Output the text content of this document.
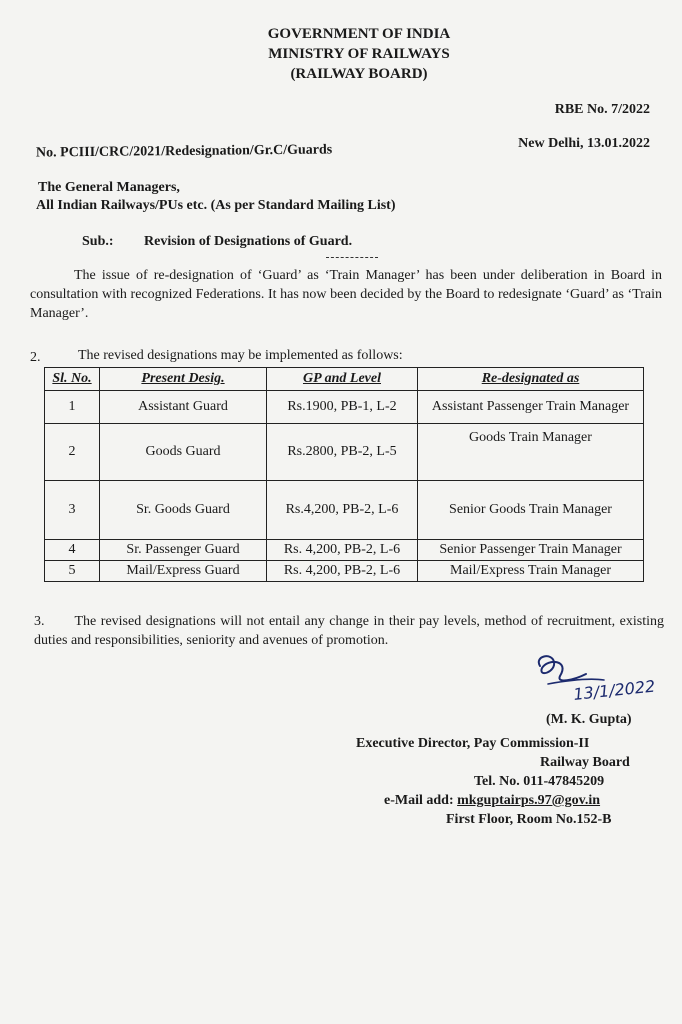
GOVERNMENT OF INDIA
MINISTRY OF RAILWAYS
(RAILWAY BOARD)
RBE No. 7/2022
New Delhi, 13.01.2022
No. PCIII/CRC/2021/Redesignation/Gr.C/Guards
The General Managers,
All Indian Railways/PUs etc. (As per Standard Mailing List)
Sub.: Revision of Designations of Guard.
The issue of re-designation of ‘Guard’ as ‘Train Manager’ has been under deliberation in Board in consultation with recognized Federations. It has now been decided by the Board to redesignate ‘Guard’ as ‘Train Manager’.
2.	The revised designations may be implemented as follows:
Sl. No.	Present Desig.	GP and Level	Re-designated as
1	Assistant Guard	Rs.1900, PB-1, L-2	Assistant Passenger Train Manager
2	Goods Guard	Rs.2800, PB-2, L-5	Goods Train Manager
3	Sr. Goods Guard	Rs.4,200, PB-2, L-6	Senior Goods Train Manager
4	Sr. Passenger Guard	Rs. 4,200, PB-2, L-6	Senior Passenger Train Manager
5	Mail/Express Guard	Rs. 4,200, PB-2, L-6	Mail/Express Train Manager
3. The revised designations will not entail any change in their pay levels, method of recruitment, existing duties and responsibilities, seniority and avenues of promotion.
13/1/2022
(M. K. Gupta)
Executive Director, Pay Commission-II
Railway Board
Tel. No. 011-47845209
e-Mail add: mkguptairps.97@gov.in
First Floor, Room No.152-B
